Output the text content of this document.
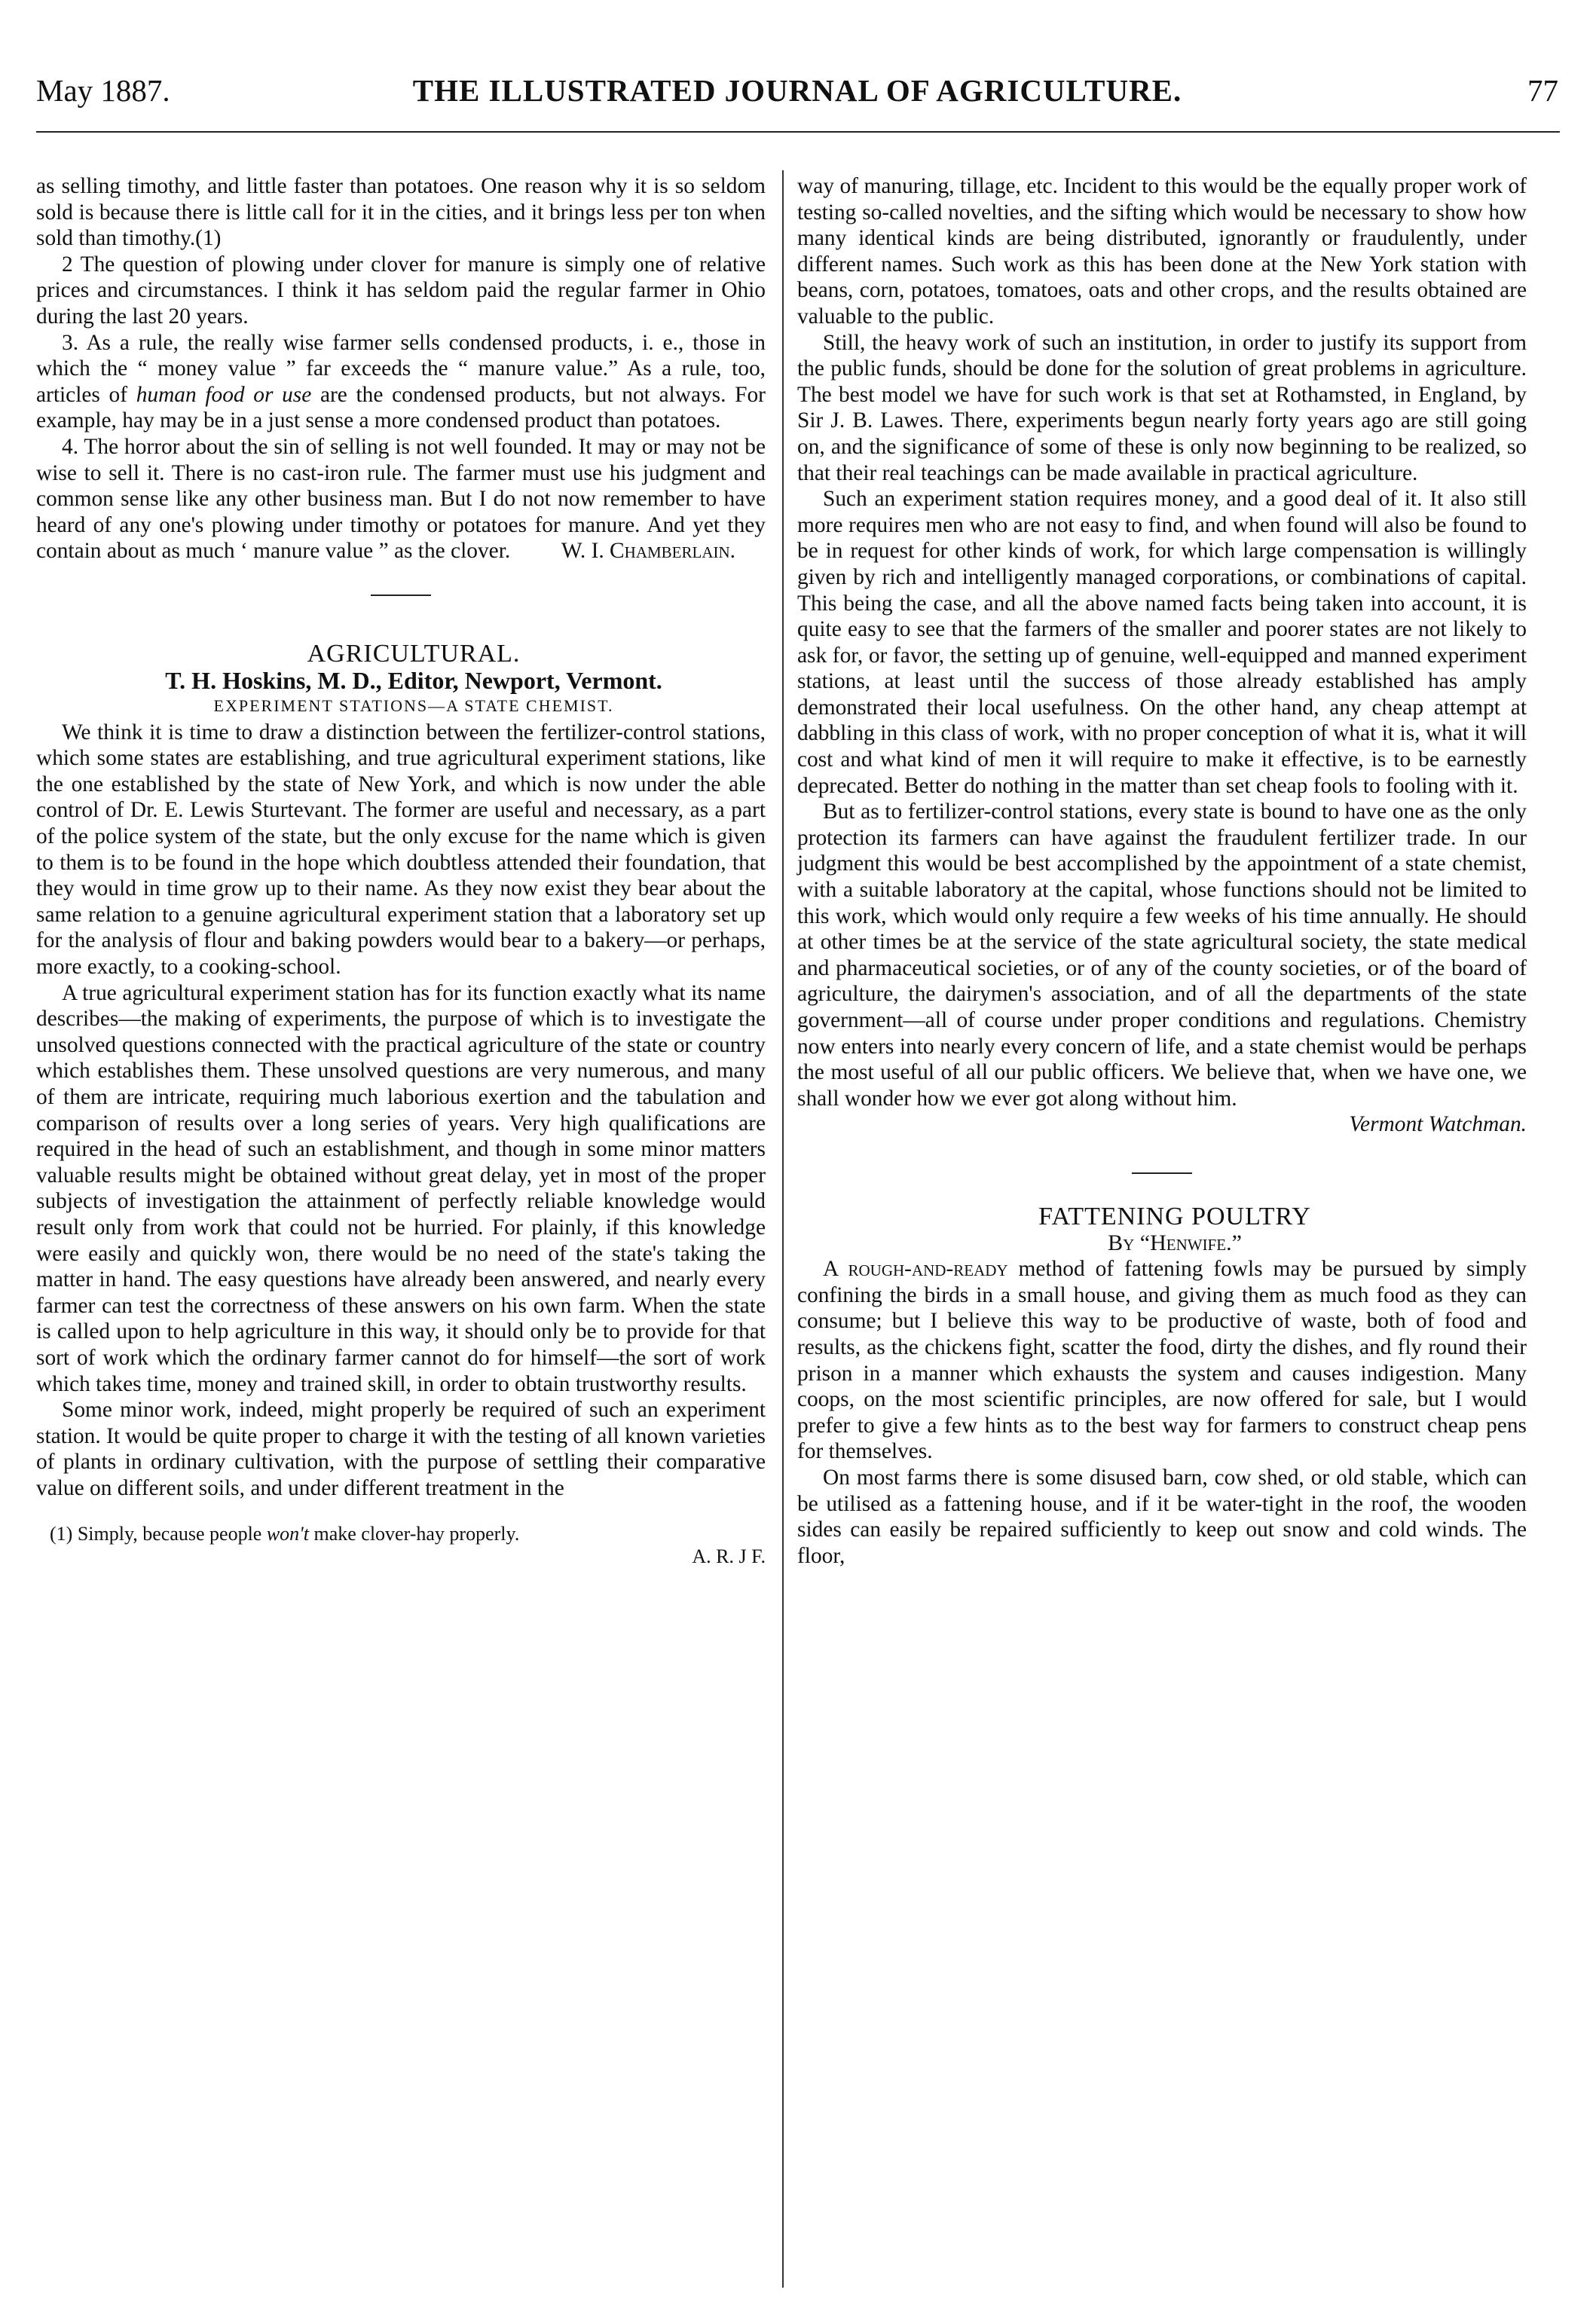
THE ILLUSTRATED JOURNAL OF AGRICULTURE.
May 1887.	77

as selling timothy, and little faster than potatoes. One reason why it is so seldom sold is because there is little call for it in the cities, and it brings less per ton when sold than timothy.(1)

2 The question of plowing under clover for manure is simply one of relative prices and circumstances. I think it has seldom paid the regular farmer in Ohio during the last 20 years.

3. As a rule, the really wise farmer sells condensed products, i. e., those in which the “ money value ” far exceeds the “ manure value.” As a rule, too, articles of human food or use are the condensed products, but not always. For example, hay may be in a just sense a more condensed product than potatoes.

4. The horror about the sin of selling is not well founded. It may or may not be wise to sell it. There is no cast-iron rule. The farmer must use his judgment and common sense like any other business man. But I do not now remember to have heard of any one's plowing under timothy or potatoes for manure. And yet they contain about as much ‘ manure value ” as the clover.	W. I. Chamberlain.

AGRICULTURAL.

T. H. Hoskins, M. D., Editor, Newport, Vermont.

EXPERIMENT STATIONS—A STATE CHEMIST.

We think it is time to draw a distinction between the fertilizer-control stations, which some states are establishing, and true agricultural experiment stations, like the one established by the state of New York, and which is now under the able control of Dr. E. Lewis Sturtevant. The former are useful and necessary, as a part of the police system of the state, but the only excuse for the name which is given to them is to be found in the hope which doubtless attended their foundation, that they would in time grow up to their name. As they now exist they bear about the same relation to a genuine agricultural experiment station that a laboratory set up for the analysis of flour and baking powders would bear to a bakery—or perhaps, more exactly, to a cooking-school.

A true agricultural experiment station has for its function exactly what its name describes—the making of experiments, the purpose of which is to investigate the unsolved questions connected with the practical agriculture of the state or country which establishes them. These unsolved questions are very numerous, and many of them are intricate, requiring much laborious exertion and the tabulation and comparison of results over a long series of years. Very high qualifications are required in the head of such an establishment, and though in some minor matters valuable results might be obtained without great delay, yet in most of the proper subjects of investigation the attainment of perfectly reliable knowledge would result only from work that could not be hurried. For plainly, if this knowledge were easily and quickly won, there would be no need of the state's taking the matter in hand. The easy questions have already been answered, and nearly every farmer can test the correctness of these answers on his own farm. When the state is called upon to help agriculture in this way, it should only be to provide for that sort of work which the ordinary farmer cannot do for himself—the sort of work which takes time, money and trained skill, in order to obtain trustworthy results.

Some minor work, indeed, might properly be required of such an experiment station. It would be quite proper to charge it with the testing of all known varieties of plants in ordinary cultivation, with the purpose of settling their comparative value on different soils, and under different treatment in the

(1) Simply, because people won't make clover-hay properly.

A. R. J F.

way of manuring, tillage, etc. Incident to this would be the equally proper work of testing so-called novelties, and the sifting which would be necessary to show how many identical kinds are being distributed, ignorantly or fraudulently, under different names. Such work as this has been done at the New York station with beans, corn, potatoes, tomatoes, oats and other crops, and the results obtained are valuable to the public.

Still, the heavy work of such an institution, in order to justify its support from the public funds, should be done for the solution of great problems in agriculture. The best model we have for such work is that set at Rothamsted, in England, by Sir J. B. Lawes. There, experiments begun nearly forty years ago are still going on, and the significance of some of these is only now beginning to be realized, so that their real teachings can be made available in practical agriculture.

Such an experiment station requires money, and a good deal of it. It also still more requires men who are not easy to find, and when found will also be found to be in request for other kinds of work, for which large compensation is willingly given by rich and intelligently managed corporations, or combinations of capital. This being the case, and all the above named facts being taken into account, it is quite easy to see that the farmers of the smaller and poorer states are not likely to ask for, or favor, the setting up of genuine, well-equipped and manned experiment stations, at least until the success of those already established has amply demonstrated their local usefulness. On the other hand, any cheap attempt at dabbling in this class of work, with no proper conception of what it is, what it will cost and what kind of men it will require to make it effective, is to be earnestly deprecated. Better do nothing in the matter than set cheap fools to fooling with it.

But as to fertilizer-control stations, every state is bound to have one as the only protection its farmers can have against the fraudulent fertilizer trade. In our judgment this would be best accomplished by the appointment of a state chemist, with a suitable laboratory at the capital, whose functions should not be limited to this work, which would only require a few weeks of his time annually. He should at other times be at the service of the state agricultural society, the state medical and pharmaceutical societies, or of any of the county societies, or of the board of agriculture, the dairymen's association, and of all the departments of the state government—all of course under proper conditions and regulations. Chemistry now enters into nearly every concern of life, and a state chemist would be perhaps the most useful of all our public officers. We believe that, when we have one, we shall wonder how we ever got along without him.

Vermont Watchman.

FATTENING POULTRY

By “Henwife.”

A rough-and-ready method of fattening fowls may be pursued by simply confining the birds in a small house, and giving them as much food as they can consume; but I believe this way to be productive of waste, both of food and results, as the chickens fight, scatter the food, dirty the dishes, and fly round their prison in a manner which exhausts the system and causes indigestion. Many coops, on the most scientific principles, are now offered for sale, but I would prefer to give a few hints as to the best way for farmers to construct cheap pens for themselves.

On most farms there is some disused barn, cow shed, or old stable, which can be utilised as a fattening house, and if it be water-tight in the roof, the wooden sides can easily be repaired sufficiently to keep out snow and cold winds. The floor,
